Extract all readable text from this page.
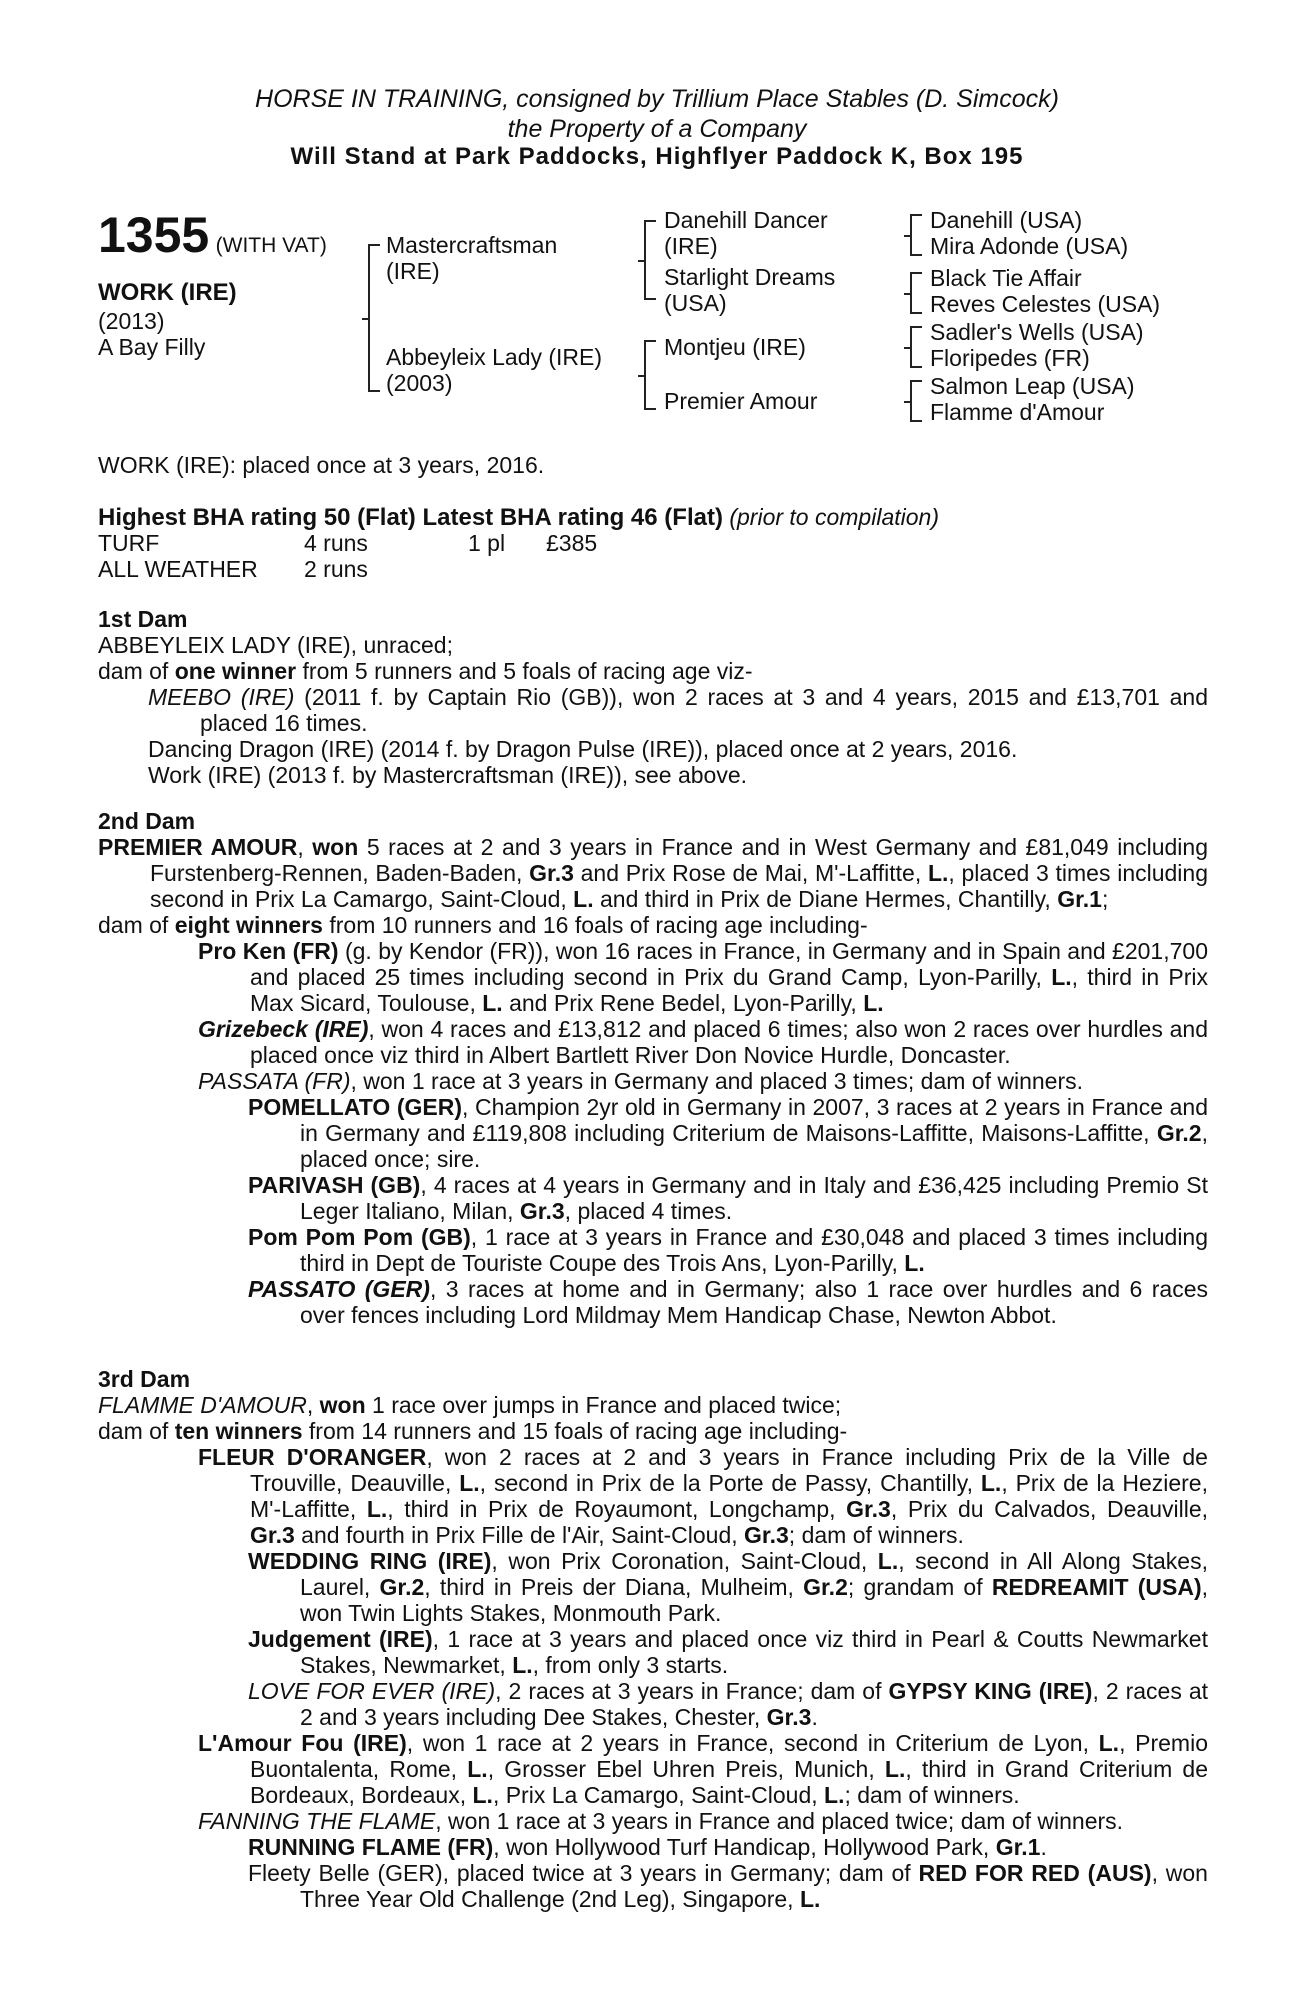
HORSE IN TRAINING, consigned by Trillium Place Stables (D. Simcock)
the Property of a Company
Will Stand at Park Paddocks, Highflyer Paddock K, Box 195
1355 (WITH VAT)
WORK (IRE)
(2013)
A Bay Filly
Mastercraftsman (IRE)
Abbeyleix Lady (IRE) (2003)
Danehill Dancer (IRE)
Starlight Dreams (USA)
Montjeu (IRE)
Premier Amour
Danehill (USA)
Mira Adonde (USA)
Black Tie Affair
Reves Celestes (USA)
Sadler's Wells (USA)
Floripedes (FR)
Salmon Leap (USA)
Flamme d'Amour
WORK (IRE): placed once at 3 years, 2016.
Highest BHA rating 50 (Flat) Latest BHA rating 46 (Flat) (prior to compilation)
TURF	4 runs	1 pl	£385
ALL WEATHER	2 runs		
1st Dam
ABBEYLEIX LADY (IRE), unraced;
dam of one winner from 5 runners and 5 foals of racing age viz-
MEEBO (IRE) (2011 f. by Captain Rio (GB)), won 2 races at 3 and 4 years, 2015 and £13,701 and placed 16 times.
Dancing Dragon (IRE) (2014 f. by Dragon Pulse (IRE)), placed once at 2 years, 2016.
Work (IRE) (2013 f. by Mastercraftsman (IRE)), see above.
2nd Dam
PREMIER AMOUR, won 5 races at 2 and 3 years in France and in West Germany and £81,049 including Furstenberg-Rennen, Baden-Baden, Gr.3 and Prix Rose de Mai, M'-Laffitte, L., placed 3 times including second in Prix La Camargo, Saint-Cloud, L. and third in Prix de Diane Hermes, Chantilly, Gr.1;
dam of eight winners from 10 runners and 16 foals of racing age including-
Pro Ken (FR) (g. by Kendor (FR)), won 16 races in France, in Germany and in Spain and £201,700 and placed 25 times including second in Prix du Grand Camp, Lyon-Parilly, L., third in Prix Max Sicard, Toulouse, L. and Prix Rene Bedel, Lyon-Parilly, L.
Grizebeck (IRE), won 4 races and £13,812 and placed 6 times; also won 2 races over hurdles and placed once viz third in Albert Bartlett River Don Novice Hurdle, Doncaster.
PASSATA (FR), won 1 race at 3 years in Germany and placed 3 times; dam of winners.
POMELLATO (GER), Champion 2yr old in Germany in 2007, 3 races at 2 years in France and in Germany and £119,808 including Criterium de Maisons-Laffitte, Maisons-Laffitte, Gr.2, placed once; sire.
PARIVASH (GB), 4 races at 4 years in Germany and in Italy and £36,425 including Premio St Leger Italiano, Milan, Gr.3, placed 4 times.
Pom Pom Pom (GB), 1 race at 3 years in France and £30,048 and placed 3 times including third in Dept de Touriste Coupe des Trois Ans, Lyon-Parilly, L.
PASSATO (GER), 3 races at home and in Germany; also 1 race over hurdles and 6 races over fences including Lord Mildmay Mem Handicap Chase, Newton Abbot.
3rd Dam
FLAMME D'AMOUR, won 1 race over jumps in France and placed twice;
dam of ten winners from 14 runners and 15 foals of racing age including-
FLEUR D'ORANGER, won 2 races at 2 and 3 years in France including Prix de la Ville de Trouville, Deauville, L., second in Prix de la Porte de Passy, Chantilly, L., Prix de la Heziere, M'-Laffitte, L., third in Prix de Royaumont, Longchamp, Gr.3, Prix du Calvados, Deauville, Gr.3 and fourth in Prix Fille de l'Air, Saint-Cloud, Gr.3; dam of winners.
WEDDING RING (IRE), won Prix Coronation, Saint-Cloud, L., second in All Along Stakes, Laurel, Gr.2, third in Preis der Diana, Mulheim, Gr.2; grandam of REDREAMIT (USA), won Twin Lights Stakes, Monmouth Park.
Judgement (IRE), 1 race at 3 years and placed once viz third in Pearl & Coutts Newmarket Stakes, Newmarket, L., from only 3 starts.
LOVE FOR EVER (IRE), 2 races at 3 years in France; dam of GYPSY KING (IRE), 2 races at 2 and 3 years including Dee Stakes, Chester, Gr.3.
L'Amour Fou (IRE), won 1 race at 2 years in France, second in Criterium de Lyon, L., Premio Buontalenta, Rome, L., Grosser Ebel Uhren Preis, Munich, L., third in Grand Criterium de Bordeaux, Bordeaux, L., Prix La Camargo, Saint-Cloud, L.; dam of winners.
FANNING THE FLAME, won 1 race at 3 years in France and placed twice; dam of winners.
RUNNING FLAME (FR), won Hollywood Turf Handicap, Hollywood Park, Gr.1.
Fleety Belle (GER), placed twice at 3 years in Germany; dam of RED FOR RED (AUS), won Three Year Old Challenge (2nd Leg), Singapore, L.
